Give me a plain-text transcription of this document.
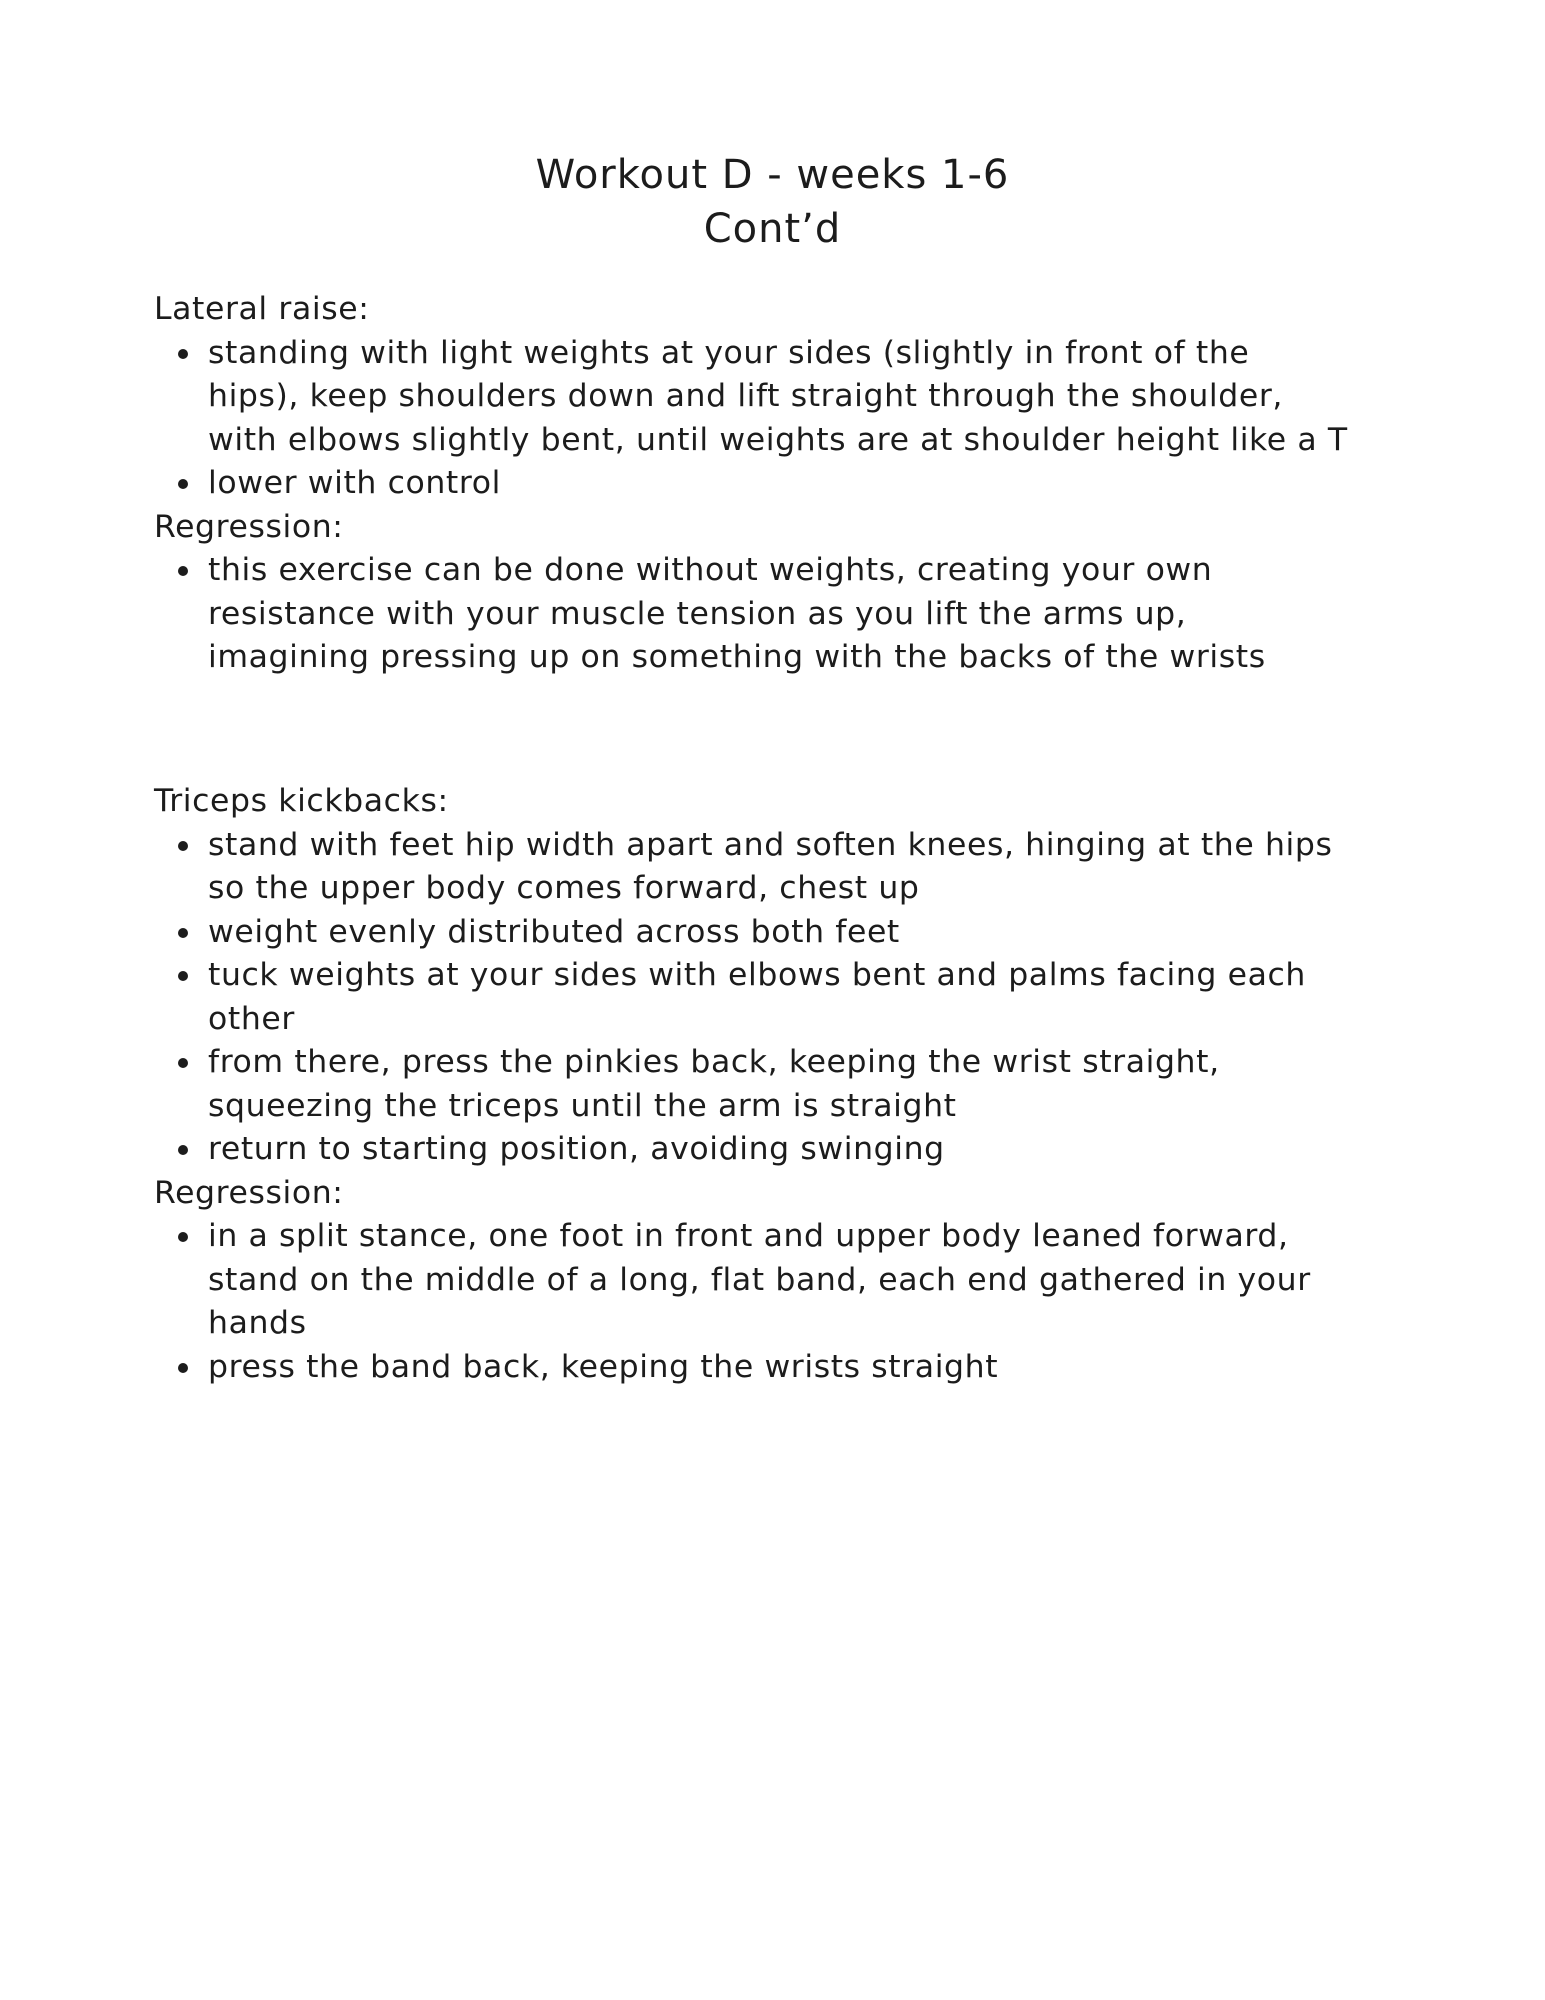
Workout D - weeks 1-6
Cont’d

Lateral raise:

standing with light weights at your sides (slightly in front of the
hips), keep shoulders down and lift straight through the shoulder,
with elbows slightly bent, until weights are at shoulder height like a T
lower with control

Regression:

this exercise can be done without weights, creating your own
resistance with your muscle tension as you lift the arms up,
imagining pressing up on something with the backs of the wrists

Triceps kickbacks:

stand with feet hip width apart and soften knees, hinging at the hips
so the upper body comes forward, chest up
weight evenly distributed across both feet
tuck weights at your sides with elbows bent and palms facing each
other
from there, press the pinkies back, keeping the wrist straight,
squeezing the triceps until the arm is straight
return to starting position, avoiding swinging

Regression:

in a split stance, one foot in front and upper body leaned forward,
stand on the middle of a long, flat band, each end gathered in your
hands
press the band back, keeping the wrists straight
